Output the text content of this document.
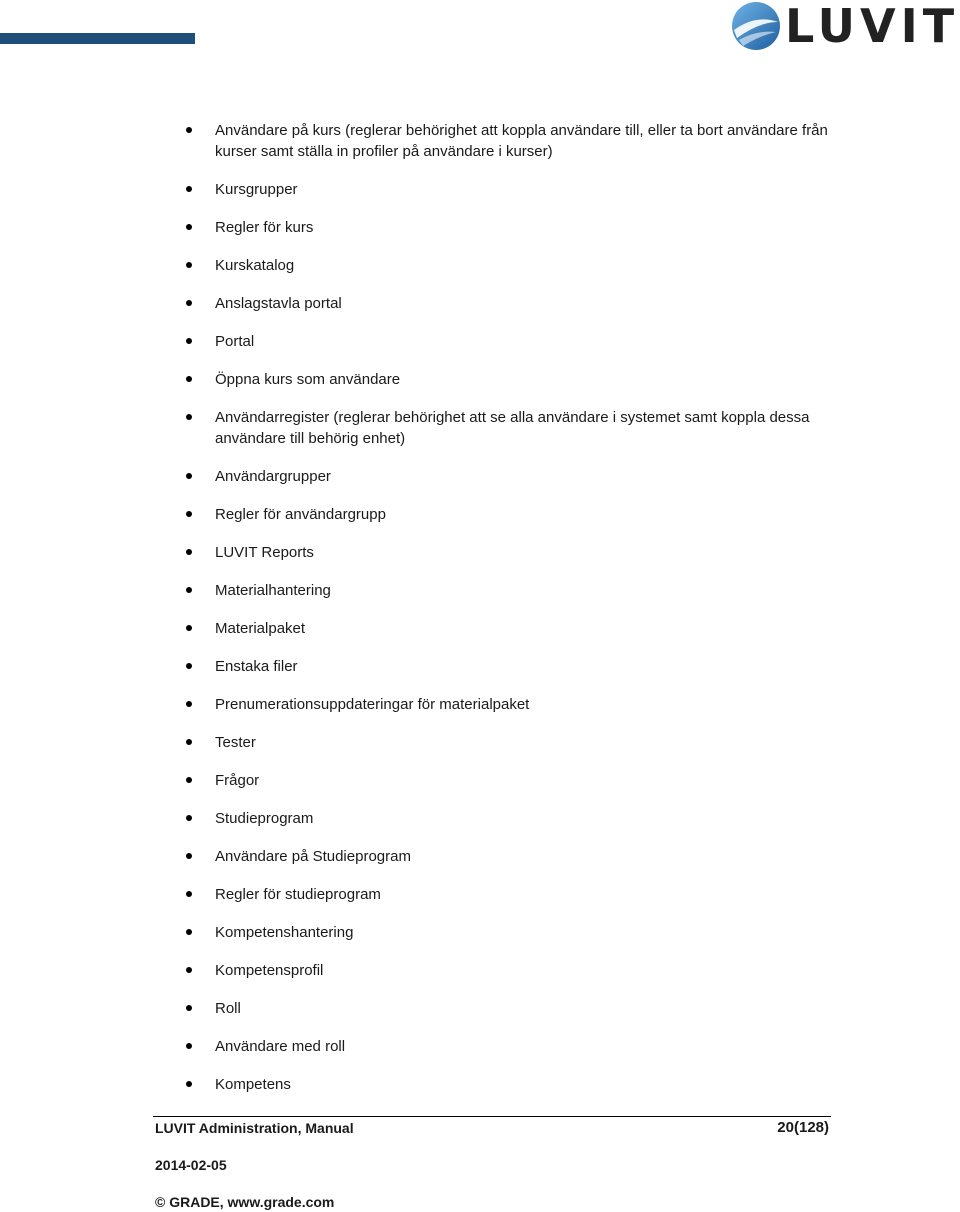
LUVIT
Användare på kurs (reglerar behörighet att koppla användare till, eller ta bort användare från kurser samt ställa in profiler på användare i kurser)
Kursgrupper
Regler för kurs
Kurskatalog
Anslagstavla portal
Portal
Öppna kurs som användare
Användarregister (reglerar behörighet att se alla användare i systemet samt koppla dessa användare till behörig enhet)
Användargrupper
Regler för användargrupp
LUVIT Reports
Materialhantering
Materialpaket
Enstaka filer
Prenumerationsuppdateringar för materialpaket
Tester
Frågor
Studieprogram
Användare på Studieprogram
Regler för studieprogram
Kompetenshantering
Kompetensprofil
Roll
Användare med roll
Kompetens
LUVIT Administration, Manual	20(128)
2014-02-05
© GRADE, www.grade.com
